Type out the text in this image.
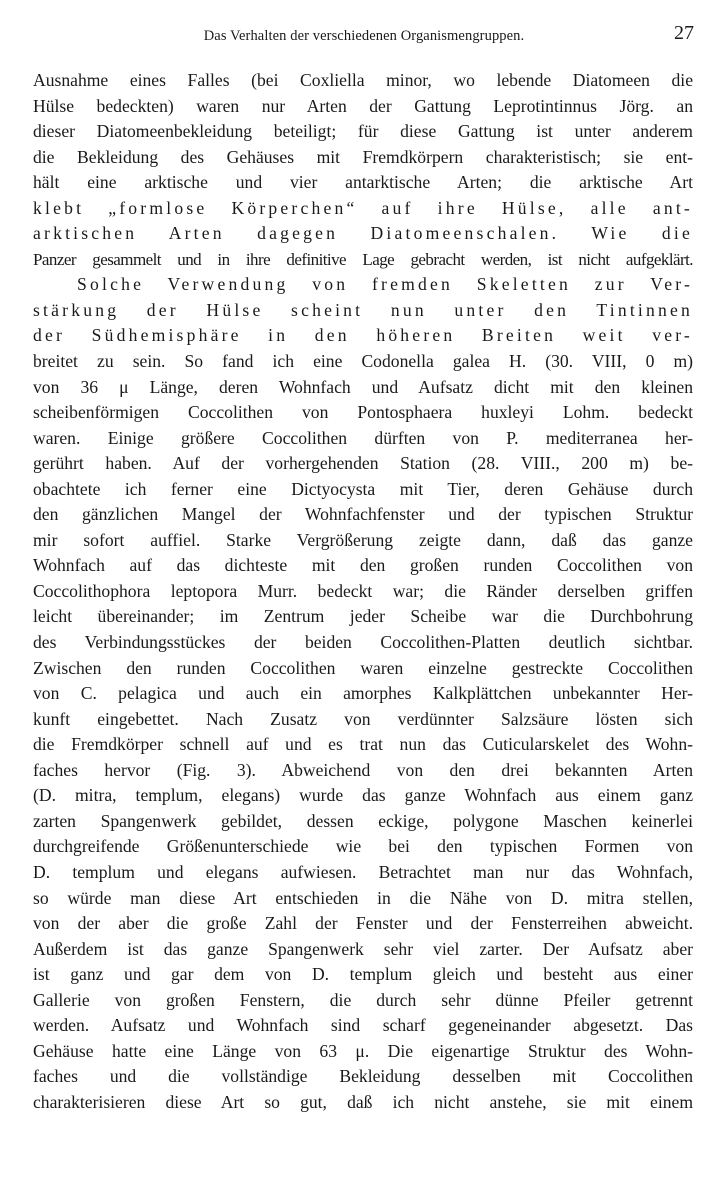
Das Verhalten der verschiedenen Organismengruppen.	27
Ausnahme eines Falles (bei Coxliella minor, wo lebende Diatomeen die
Hülse bedeckten) waren nur Arten der Gattung Leprotintinnus Jörg. an
dieser Diatomeenbekleidung beteiligt; für diese Gattung ist unter anderem
die Bekleidung des Gehäuses mit Fremdkörpern charakteristisch; sie ent-
hält eine arktische und vier antarktische Arten; die arktische Art
klebt „formlose Körperchen“ auf ihre Hülse, alle ant-
arktischen Arten dagegen Diatomeenschalen. Wie die
Panzer gesammelt und in ihre definitive Lage gebracht werden, ist nicht aufgeklärt.
Solche Verwendung von fremden Skeletten zur Ver-
stärkung der Hülse scheint nun unter den Tintinnen
der Südhemisphäre in den höheren Breiten weit ver-
breitet zu sein. So fand ich eine Codonella galea H. (30. VIII, 0 m)
von 36 μ Länge, deren Wohnfach und Aufsatz dicht mit den kleinen
scheibenförmigen Coccolithen von Pontosphaera huxleyi Lohm. bedeckt
waren. Einige größere Coccolithen dürften von P. mediterranea her-
gerührt haben. Auf der vorhergehenden Station (28. VIII., 200 m) be-
obachtete ich ferner eine Dictyocysta mit Tier, deren Gehäuse durch
den gänzlichen Mangel der Wohnfachfenster und der typischen Struktur
mir sofort auffiel. Starke Vergrößerung zeigte dann, daß das ganze
Wohnfach auf das dichteste mit den großen runden Coccolithen von
Coccolithophora leptopora Murr. bedeckt war; die Ränder derselben griffen
leicht übereinander; im Zentrum jeder Scheibe war die Durchbohrung
des Verbindungsstückes der beiden Coccolithen-Platten deutlich sichtbar.
Zwischen den runden Coccolithen waren einzelne gestreckte Coccolithen
von C. pelagica und auch ein amorphes Kalkplättchen unbekannter Her-
kunft eingebettet. Nach Zusatz von verdünnter Salzsäure lösten sich
die Fremdkörper schnell auf und es trat nun das Cuticularskelet des Wohn-
faches hervor (Fig. 3). Abweichend von den drei bekannten Arten
(D. mitra, templum, elegans) wurde das ganze Wohnfach aus einem ganz
zarten Spangenwerk gebildet, dessen eckige, polygone Maschen keinerlei
durchgreifende Größenunterschiede wie bei den typischen Formen von
D. templum und elegans aufwiesen. Betrachtet man nur das Wohnfach,
so würde man diese Art entschieden in die Nähe von D. mitra stellen,
von der aber die große Zahl der Fenster und der Fensterreihen abweicht.
Außerdem ist das ganze Spangenwerk sehr viel zarter. Der Aufsatz aber
ist ganz und gar dem von D. templum gleich und besteht aus einer
Gallerie von großen Fenstern, die durch sehr dünne Pfeiler getrennt
werden. Aufsatz und Wohnfach sind scharf gegeneinander abgesetzt. Das
Gehäuse hatte eine Länge von 63 μ. Die eigenartige Struktur des Wohn-
faches und die vollständige Bekleidung desselben mit Coccolithen
charakterisieren diese Art so gut, daß ich nicht anstehe, sie mit einem
